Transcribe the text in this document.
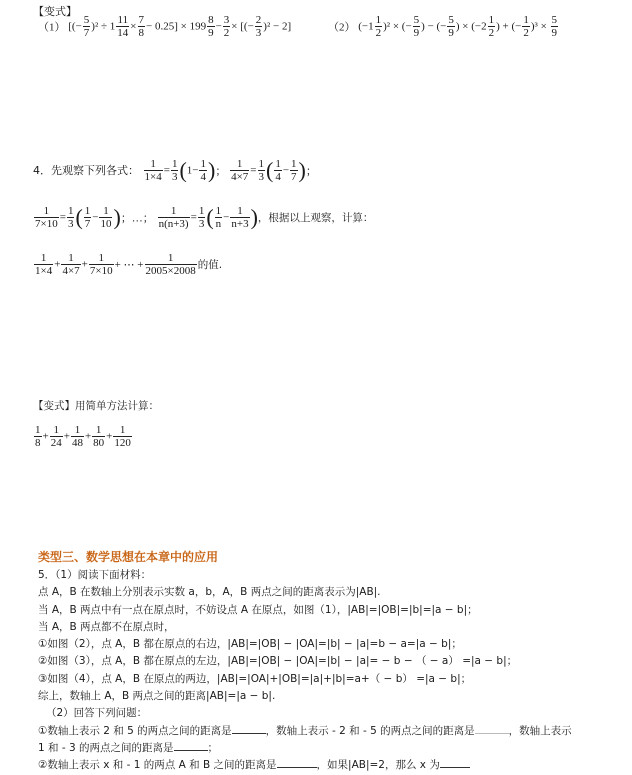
【变式】
（1） [(− $\frac{5}{7} )^2 \div 1 \frac{11}{14} \times \frac{7}{8} - 0.25] \times 199 \frac{8}{9} - \frac{3}{2}$ × [(− $\frac{2}{3} )^2 - 2$]	（2） $(-1 \frac{1}{2} )^2$ × (− $\frac{5}{9}$ ) − (− $\frac{5}{9}$ ) × ($-2 \frac{1}{2}$ ) + (− $\frac{1}{2} )^3 \times \frac{5}{9}$
4．先观察下列各式： $\frac{1}{1\times 4} = \frac{1}{3} (1- \frac{1}{4}$ )； $\frac{1}{4\times 7} = \frac{1}{3}$ ( $\frac{1}{4} - \frac{1}{7}$ )；
$\frac{1}{7\times 10} = \frac{1}{3}$ ( $\frac{1}{7} - \frac{1}{10}$ )；…； $\frac{1}{n(n+3)} = \frac{1}{3}$ ( $\frac{1}{n} - \frac{1}{n+3}$ )，根据以上观察，计算：
$\frac{1}{1\times 4} + \frac{1}{4\times 7} + \frac{1}{7\times 10}$ + ⋯ + $\frac{1}{2005\times 2008}$ 的值.
【变式】用简单方法计算：
$\frac{1}{8} + \frac{1}{24} + \frac{1}{48} + \frac{1}{80} + \frac{1}{120}$
类型三、数学思想在本章中的应用
5．（1）阅读下面材料：
点 A，B 在数轴上分别表示实数 a，b，A，B 两点之间的距离表示为|AB|.
当 A，B 两点中有一点在原点时，不妨设点 A 在原点，如图（1），|AB|=|OB|=|b|=|a − b|；
当 A，B 两点都不在原点时，
①如图（2），点 A，B 都在原点的右边，|AB|=|OB| − |OA|=|b| − |a|=b − a=|a − b|；
②如图（3），点 A，B 都在原点的左边，|AB|=|OB| − |OA|=|b| − |a|= − b − （ − a） =|a − b|；
③如图（4），点 A，B 在原点的两边，|AB|=|OA|+|OB|=|a|+|b|=a+（ − b） =|a − b|；
综上，数轴上 A，B 两点之间的距离|AB|=|a − b|.
（2）回答下列问题：
①数轴上表示 2 和 5 的两点之间的距离是	，数轴上表示 - 2 和 - 5 的两点之间的距离是	，数轴上表示
1 和 - 3 的两点之间的距离是	；
②数轴上表示 x 和 - 1 的两点 A 和 B 之间的距离是	，如果|AB|=2，那么 x 为
